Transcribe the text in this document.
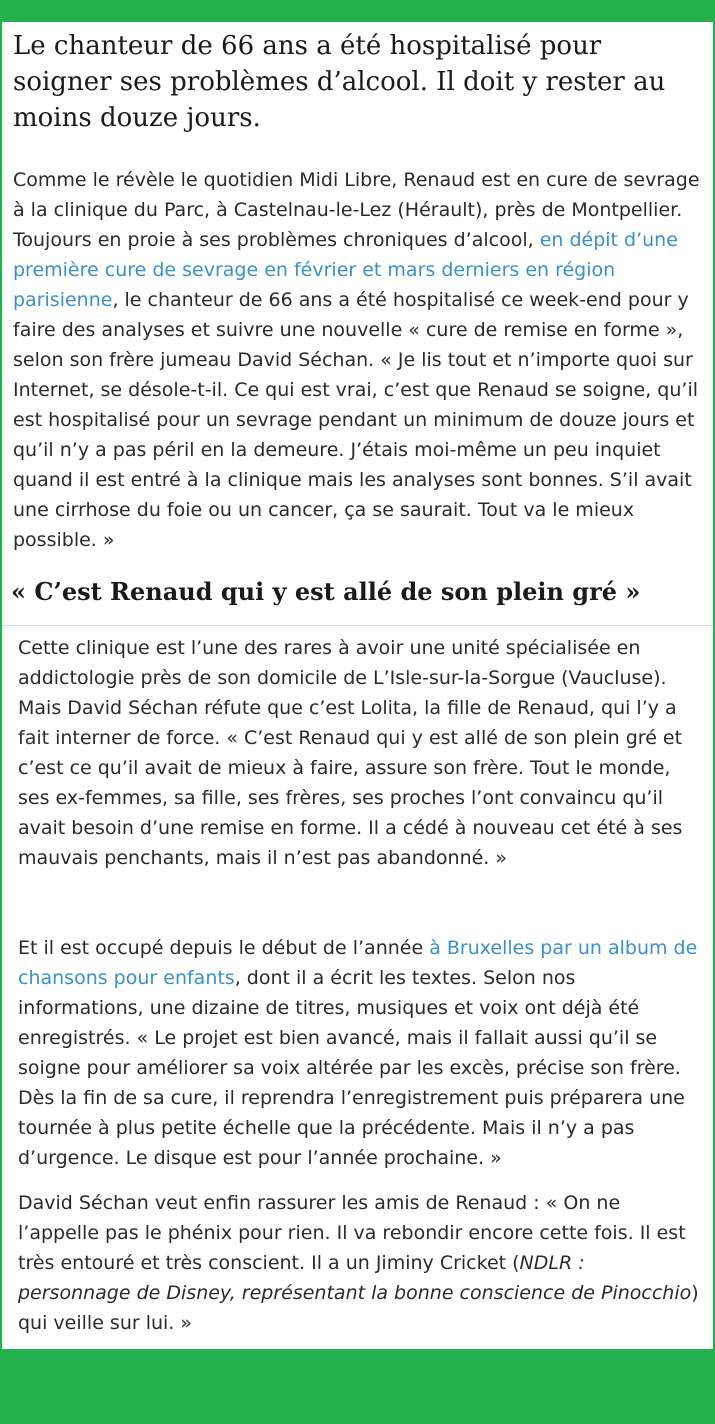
Le chanteur de 66 ans a été hospitalisé pour soigner ses problèmes d’alcool. Il doit y rester au moins douze jours.

Comme le révèle le quotidien Midi Libre, Renaud est en cure de sevrage à la clinique du Parc, à Castelnau-le-Lez (Hérault), près de Montpellier. Toujours en proie à ses problèmes chroniques d’alcool, en dépit d’une première cure de sevrage en février et mars derniers en région parisienne, le chanteur de 66 ans a été hospitalisé ce week-end pour y faire des analyses et suivre une nouvelle « cure de remise en forme », selon son frère jumeau David Séchan. « Je lis tout et n’importe quoi sur Internet, se désole-t-il. Ce qui est vrai, c’est que Renaud se soigne, qu’il est hospitalisé pour un sevrage pendant un minimum de douze jours et qu’il n’y a pas péril en la demeure. J’étais moi-même un peu inquiet quand il est entré à la clinique mais les analyses sont bonnes. S’il avait une cirrhose du foie ou un cancer, ça se saurait. Tout va le mieux possible. »

« C’est Renaud qui y est allé de son plein gré »

Cette clinique est l’une des rares à avoir une unité spécialisée en addictologie près de son domicile de L’Isle-sur-la-Sorgue (Vaucluse). Mais David Séchan réfute que c’est Lolita, la fille de Renaud, qui l’y a fait interner de force. « C’est Renaud qui y est allé de son plein gré et c’est ce qu’il avait de mieux à faire, assure son frère. Tout le monde, ses ex-femmes, sa fille, ses frères, ses proches l’ont convaincu qu’il avait besoin d’une remise en forme. Il a cédé à nouveau cet été à ses mauvais penchants, mais il n’est pas abandonné. »

Et il est occupé depuis le début de l’année à Bruxelles par un album de chansons pour enfants, dont il a écrit les textes. Selon nos informations, une dizaine de titres, musiques et voix ont déjà été enregistrés. « Le projet est bien avancé, mais il fallait aussi qu’il se soigne pour améliorer sa voix altérée par les excès, précise son frère. Dès la fin de sa cure, il reprendra l’enregistrement puis préparera une tournée à plus petite échelle que la précédente. Mais il n’y a pas d’urgence. Le disque est pour l’année prochaine. »

David Séchan veut enfin rassurer les amis de Renaud : « On ne l’appelle pas le phénix pour rien. Il va rebondir encore cette fois. Il est très entouré et très conscient. Il a un Jiminy Cricket (NDLR : personnage de Disney, représentant la bonne conscience de Pinocchio) qui veille sur lui. »
